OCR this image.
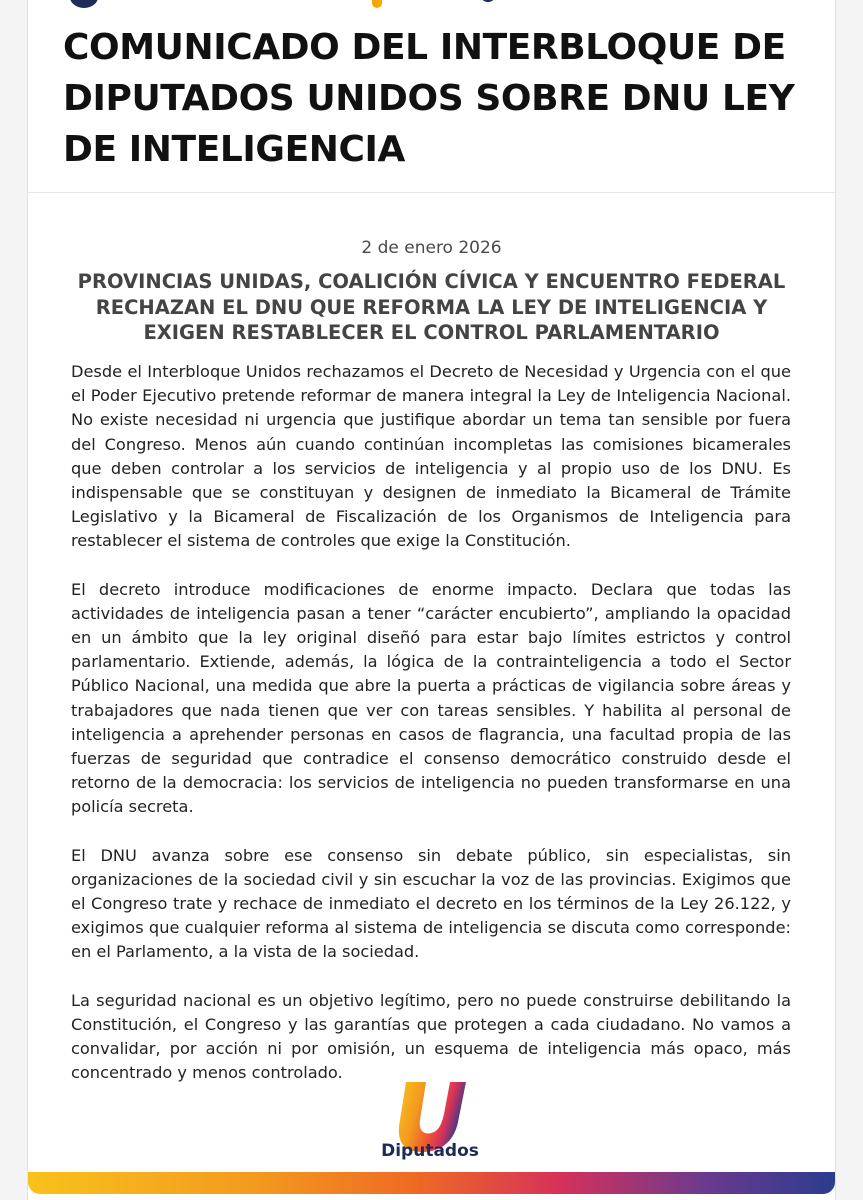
COMUNICADO DEL INTERBLOQUE DE DIPUTADOS UNIDOS SOBRE DNU LEY DE INTELIGENCIA
2 de enero 2026
PROVINCIAS UNIDAS, COALICIÓN CÍVICA Y ENCUENTRO FEDERAL RECHAZAN EL DNU QUE REFORMA LA LEY DE INTELIGENCIA Y EXIGEN RESTABLECER EL CONTROL PARLAMENTARIO

Desde el Interbloque Unidos rechazamos el Decreto de Necesidad y Urgencia con el que el Poder Ejecutivo pretende reformar de manera integral la Ley de Inteligencia Nacional. No existe necesidad ni urgencia que justifique abordar un tema tan sensible por fuera del Congreso. Menos aún cuando continúan incompletas las comisiones bicamerales que deben controlar a los servicios de inteligencia y al propio uso de los DNU. Es indispensable que se constituyan y designen de inmediato la Bicameral de Trámite Legislativo y la Bicameral de Fiscalización de los Organismos de Inteligencia para restablecer el sistema de controles que exige la Constitución.

El decreto introduce modificaciones de enorme impacto. Declara que todas las actividades de inteligencia pasan a tener “carácter encubierto”, ampliando la opacidad en un ámbito que la ley original diseñó para estar bajo límites estrictos y control parlamentario. Extiende, además, la lógica de la contrainteligencia a todo el Sector Público Nacional, una medida que abre la puerta a prácticas de vigilancia sobre áreas y trabajadores que nada tienen que ver con tareas sensibles. Y habilita al personal de inteligencia a aprehender personas en casos de flagrancia, una facultad propia de las fuerzas de seguridad que contradice el consenso democrático construido desde el retorno de la democracia: los servicios de inteligencia no pueden transformarse en una policía secreta.

El DNU avanza sobre ese consenso sin debate público, sin especialistas, sin organizaciones de la sociedad civil y sin escuchar la voz de las provincias. Exigimos que el Congreso trate y rechace de inmediato el decreto en los términos de la Ley 26.122, y exigimos que cualquier reforma al sistema de inteligencia se discuta como corresponde: en el Parlamento, a la vista de la sociedad.

La seguridad nacional es un objetivo legítimo, pero no puede construirse debilitando la Constitución, el Congreso y las garantías que protegen a cada ciudadano. No vamos a convalidar, por acción ni por omisión, un esquema de inteligencia más opaco, más concentrado y menos controlado.

Diputados
